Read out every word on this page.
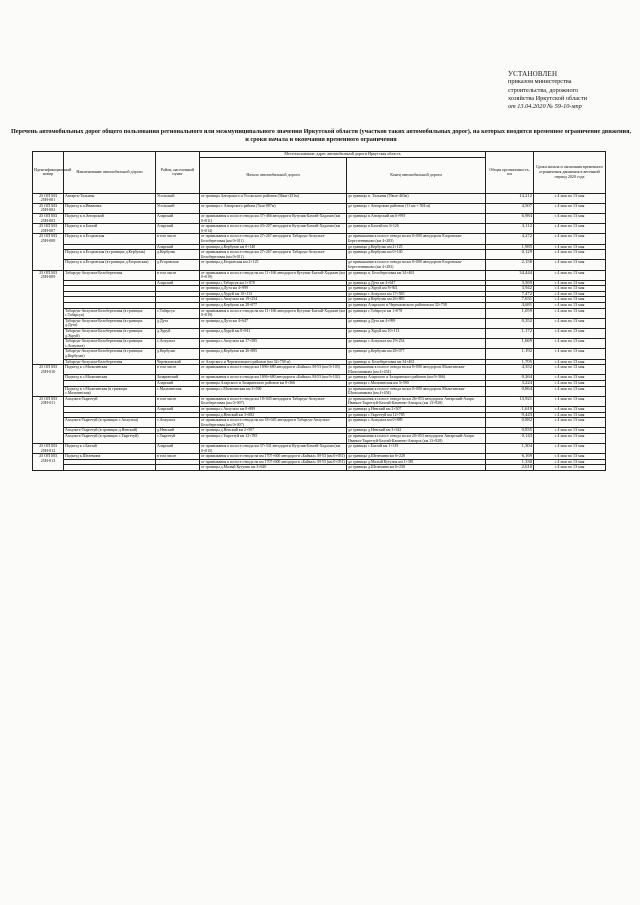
УСТАНОВЛЕН
приказом министерства
строительства, дорожного
хозяйства Иркутской области
от 13.04.2020 № 59-10-мпр
Перечень автомобильных дорог общего пользования регионального или межмуниципального значения Иркутской области (участков таких автомобильных дорог), на которых вводится временное ограничение движения, и сроки начала и окончания временного ограничения
Идентификационный номер	Наименование автомобильной дороги	Район, населенный пункт	Местоположение, адрес автомобильной дороги Иркутская область		Общая протяженность, км	Сроки начала и окончания временного ограничения движения в весенний период 2020 года
			Начало автомобильной дороги	Конец автомобильной дороги		
25 ОП МЗ 25Н-001	Ангарск-Тальяны	Усольский	от границы Ангарского и Усольского районов (36км+251м)	до границы п. Тальяны (59км+463м)	14,212	с 4 мая по 13 мая
25 ОП МЗ 25Н-002	Подъезд к п.Ивановка	Усольский	от границы г. Ангарского района (7км+087м)	до границы с Ангарским районом (11 км + 594 м)	4,507	с 4 мая по 13 мая
25 ОП МЗ 25Н-003	Подъезд к п.Ангарский	Аларский	от примыкания к полосе отвода км 37+466 автодороги Кутулик-Бахтай-Хадахан (км 0+011)	до границы п.Ангарский км 6+995	6,984	с 4 мая по 13 мая
25 ОП МЗ 25Н-007	Подъезд к п.Бахтай	Аларский	от примыкания к полосе отвода км 43+207 автодороги Кутулик-Бахтай-Хадахан (км 0+014)	до границы п.Бахтай км 3+126	3,112	с 4 мая по 13 мая
25 ОП МЗ 25Н-008	Подъезд к п.Егоровская	в том числе	от примыкания к полосе отвода км 27+267 автодороги Табарсук-Апхульта-Белоберезовая (км 0+011)	до примыкания к полосе отвода на км 0+000 автодороги Егоровская-Берестенниково (км 4+283)	4,272	с 4 мая по 13 мая
		Аларский	от границы д.Кербулак км 0+140	до границы д.Кербулак км 2+125	1,985	с 4 мая по 13 мая
	Подъезд к п.Егоровская (в границах д.Кербулак)	д.Кербулак	от примыкания к полосе отвода км 27+267 автодороги Табарсук-Апхульта-Белоберезовая (км 0+011)	до границы д.Кербулак км 0+140	0,129	с 4 мая по 13 мая
	Подъезд к п.Егоровская (в границах д.Егоровская)	д.Егоровская	от границы д.Егоровская км 2+125	до примыкания к полосе отвода на км 0+000 автодороги Егоровская-Берестенниково (км 4+283)	2,158	с 4 мая по 13 мая
25 ОП МЗ 25Н-009	Табарсук-Апхульта-Белоберезовая	в том числе	от примыкания к полосе отвода на км 11+166 автодороги Кутулик-Бахтай-Хадахан (км 0+019)	до границы п. Белоберезовая км 34+463	34,444	с 4 мая по 13 мая
		Аларский	от границы с.Табарсук км 1+078	до границы д.Дута км 4+647	3,569	с 4 мая по 13 мая
			от границы д.Дута км 4+999	до границы д.Хуруй км 8+941	3,942	с 4 мая по 13 мая
			от границы д.Хуруй км 10+113	до границы с.Апхульта км 17+585	7,472	с 4 мая по 13 мая
			от границы с.Апхульта км 19+254	до границы д.Кербулак км 26+885	7,631	с 4 мая по 13 мая
			от границы д.Кербулак км 28+077	до границы Аларского и Черемховского районов км 32+758	4,681	с 4 мая по 13 мая
	Табарсук-Апхульта-Белоберезовая (в границах с.Табарсук)	с.Табарсук	от примыкания к полосе отвода на км 11+166 автодороги Кутулик-Бахтай-Хадахан (км 0+019)	до границы с.Табарсук км 1+078	1,059	с 4 мая по 13 мая
	Табарсук-Апхульта-Белоберезовая (в границах д.Дута)	д.Дута	от границы д.Дута км 4+647	до границы д.Дута км 4+999	0,352	с 4 мая по 13 мая
	Табарсук-Апхульта-Белоберезовая (в границах д.Хуруй)	д.Хуруй	от границы д.Хуруй км 8+941	до границы д.Хуруй км 10+113	1,172	с 4 мая по 13 мая
	Табарсук-Апхульта-Белоберезовая (в границах с.Апхульта)	с.Апхульта	от границы с.Апхульта км 17+585	до границы с.Апхульта км 19+254	1,669	с 4 мая по 13 мая
	Табарсук-Апхульта-Белоберезовая (в границах д.Кербулак)	д.Кербулак	от границы д.Кербулак км 26+885	до границы д.Кербулак км 28+077	1,192	с 4 мая по 13 мая
	Табарсук-Апхульта-Белоберезовая	Черемховский	от Аларского и Черемховского районов (км 32+758 м)	до границы п. Белоберезовая км 34+463	1,705	с 4 мая по 13 мая
25 ОП МЗ 25Н-010	Подъезд к с.Мальтинская	в том числе	от примыкания к полосе отвода км 1696+680 автодороги «Байкал» М-53 (км 0+103)	до примыкания к полосе отвода на км 0+000 автодороги Мальтинская-Шапошникова (км 4+454)	4,352	с 4 мая по 13 мая
	Подъезд к с.Мальтинская	Заларинский	от примыкания к полосе отвода км 1696+680 автодороги «Байкал» М-53 (км 0+102)	до границы Аларского и Заларинского районов (км 0+366)	0,264	с 4 мая по 13 мая
		Аларский	от границы Аларского и Заларинского районов км 0+366	до границы с.Мальтинская км 3+590	3,224	с 4 мая по 13 мая
	Подъезд к с.Мальтинская (в границах с.Мальтинская)	с.Мальтинская	от границы с.Мальтинская км 3+590	до примыкания к полосе отвода на км 0+000 автодороги Мальтинская-Шапошникова (км 4+454)	0,864	с 4 мая по 13 мая
25 ОП МЗ 25Н-011	Апхульта-Тыргетуй	в том числе	от примыкания к полосе отвода км 18+045 автодороги Табарсук-Апхульта-Белоберезовая (км 0+007)	до примыкания к полосе отвода на км 26+053 автодороги Ангарский-Аларь-Иваныч-Тыргетуй-Бахтай-Каменно-Ангарск (км 13+928)	13,921	с 4 мая по 13 мая
		Аларский	от границы с.Апхульта км 0+889	до границы д.Невский км 2+507	1,618	с 4 мая по 13 мая
			от границы д.Невский км 3+682	до границы с.Тыргетуй км 12+785	9,443	с 4 мая по 13 мая
	Апхульта-Тыргетуй (в границах с.Апхульта)	с.Апхульта	от примыкания к полосе отвода на км 18+045 автодороги Табарсук-Апхульта-Белоберезовая (км 0+007)	до границы с.Апхульта км 0+889	0,882	с 4 мая по 13 мая
	Апхульта-Тыргетуй (в границах д.Невский)	д.Невский	от границы д.Невский км 2+507	до границы д.Невский км 3+342	0,835	с 4 мая по 13 мая
	Апхульта-Тыргетуй (в границах с.Тыргетуй)	с.Тыргетуй	от границы с.Тыргетуй км 12+785	до примыкания к полосе отвода на км 20+053 автодороги Ангарский-Аларь-Иваныч-Тыргетуй-Бахтай-Каменно-Ангарск (км 13+928)	0,143	с 4 мая по 13 мая
25 ОП МЗ 25Н-012	Подъезд к с.Бахтай	Аларский	от примыкания к полосе отвода км 37+541 автодороги Кутулик-Бахтай-Хадахан (км 0+015)	до границы с.Бахтай км 1+319	1,304	с 4 мая по 13 мая
25 ОП МЗ 25Н-013	Подъезд к Шелемина	в том числе	от примыкания к полосе отвода на км 1707+600 автодороги «Байкал» М-53 (км 0+051)	до границы д.Шелемина км 6+220	6,169	с 4 мая по 13 мая
			от примыкания к полосе отвода на км 1707+600 автодороги «Байкал» М-53 (км 0+051)	до границы д.Малый Кутулик км 1+381	1,330	с 4 мая по 13 мая
			от границы д.Малый Кутулик км 3+620	до границы д.Шелемина км 6+230	2,610	с 4 мая по 13 мая
